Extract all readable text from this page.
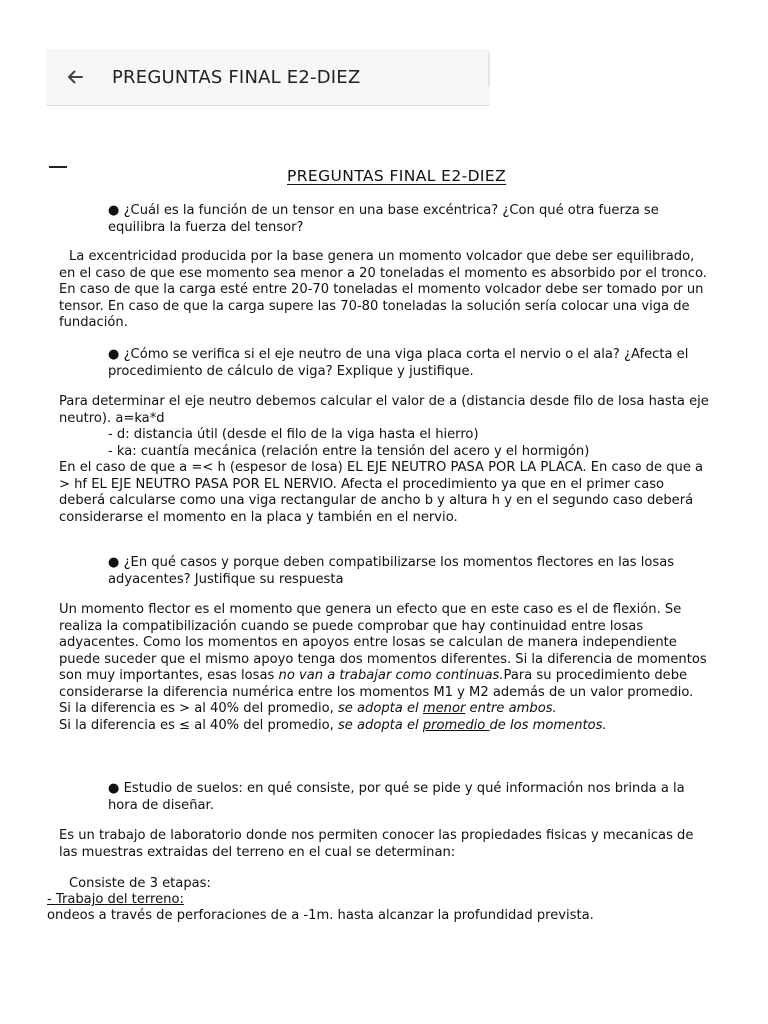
PREGUNTAS FINAL E2-DIEZ
PREGUNTAS FINAL E2-DIEZ

● ¿Cuál es la función de un tensor en una base excéntrica? ¿Con qué otra fuerza se equilibra la fuerza del tensor?

La excentricidad producida por la base genera un momento volcador que debe ser equilibrado, en el caso de que ese momento sea menor a 20 toneladas el momento es absorbido por el tronco. En caso de que la carga esté entre 20-70 toneladas el momento volcador debe ser tomado por un tensor. En caso de que la carga supere las 70-80 toneladas la solución sería colocar una viga de fundación.

● ¿Cómo se verifica si el eje neutro de una viga placa corta el nervio o el ala? ¿Afecta el procedimiento de cálculo de viga? Explique y justifique.

Para determinar el eje neutro debemos calcular el valor de a (distancia desde filo de losa hasta eje neutro). a=ka*d
- d: distancia útil (desde el filo de la viga hasta el hierro)
- ka: cuantía mecánica (relación entre la tensión del acero y el hormigón)
En el caso de que a =< h (espesor de losa) EL EJE NEUTRO PASA POR LA PLACA. En caso de que a > hf EL EJE NEUTRO PASA POR EL NERVIO. Afecta el procedimiento ya que en el primer caso deberá calcularse como una viga rectangular de ancho b y altura h y en el segundo caso deberá considerarse el momento en la placa y también en el nervio.

● ¿En qué casos y porque deben compatibilizarse los momentos flectores en las losas adyacentes? Justifique su respuesta

Un momento flector es el momento que genera un efecto que en este caso es el de flexión. Se realiza la compatibilización cuando se puede comprobar que hay continuidad entre losas adyacentes. Como los momentos en apoyos entre losas se calculan de manera independiente puede suceder que el mismo apoyo tenga dos momentos diferentes. Si la diferencia de momentos son muy importantes, esas losas no van a trabajar como continuas.Para su procedimiento debe considerarse la diferencia numérica entre los momentos M1 y M2 además de un valor promedio.
Si la diferencia es > al 40% del promedio, se adopta el menor entre ambos.
Si la diferencia es ≤ al 40% del promedio, se adopta el promedio de los momentos.

● Estudio de suelos: en qué consiste, por qué se pide y qué información nos brinda a la hora de diseñar.

Es un trabajo de laboratorio donde nos permiten conocer las propiedades fisicas y mecanicas de las muestras extraidas del terreno en el cual se determinan:

Consiste de 3 etapas:
- Trabajo del terreno:
ondeos a través de perforaciones de a -1m. hasta alcanzar la profundidad prevista.
